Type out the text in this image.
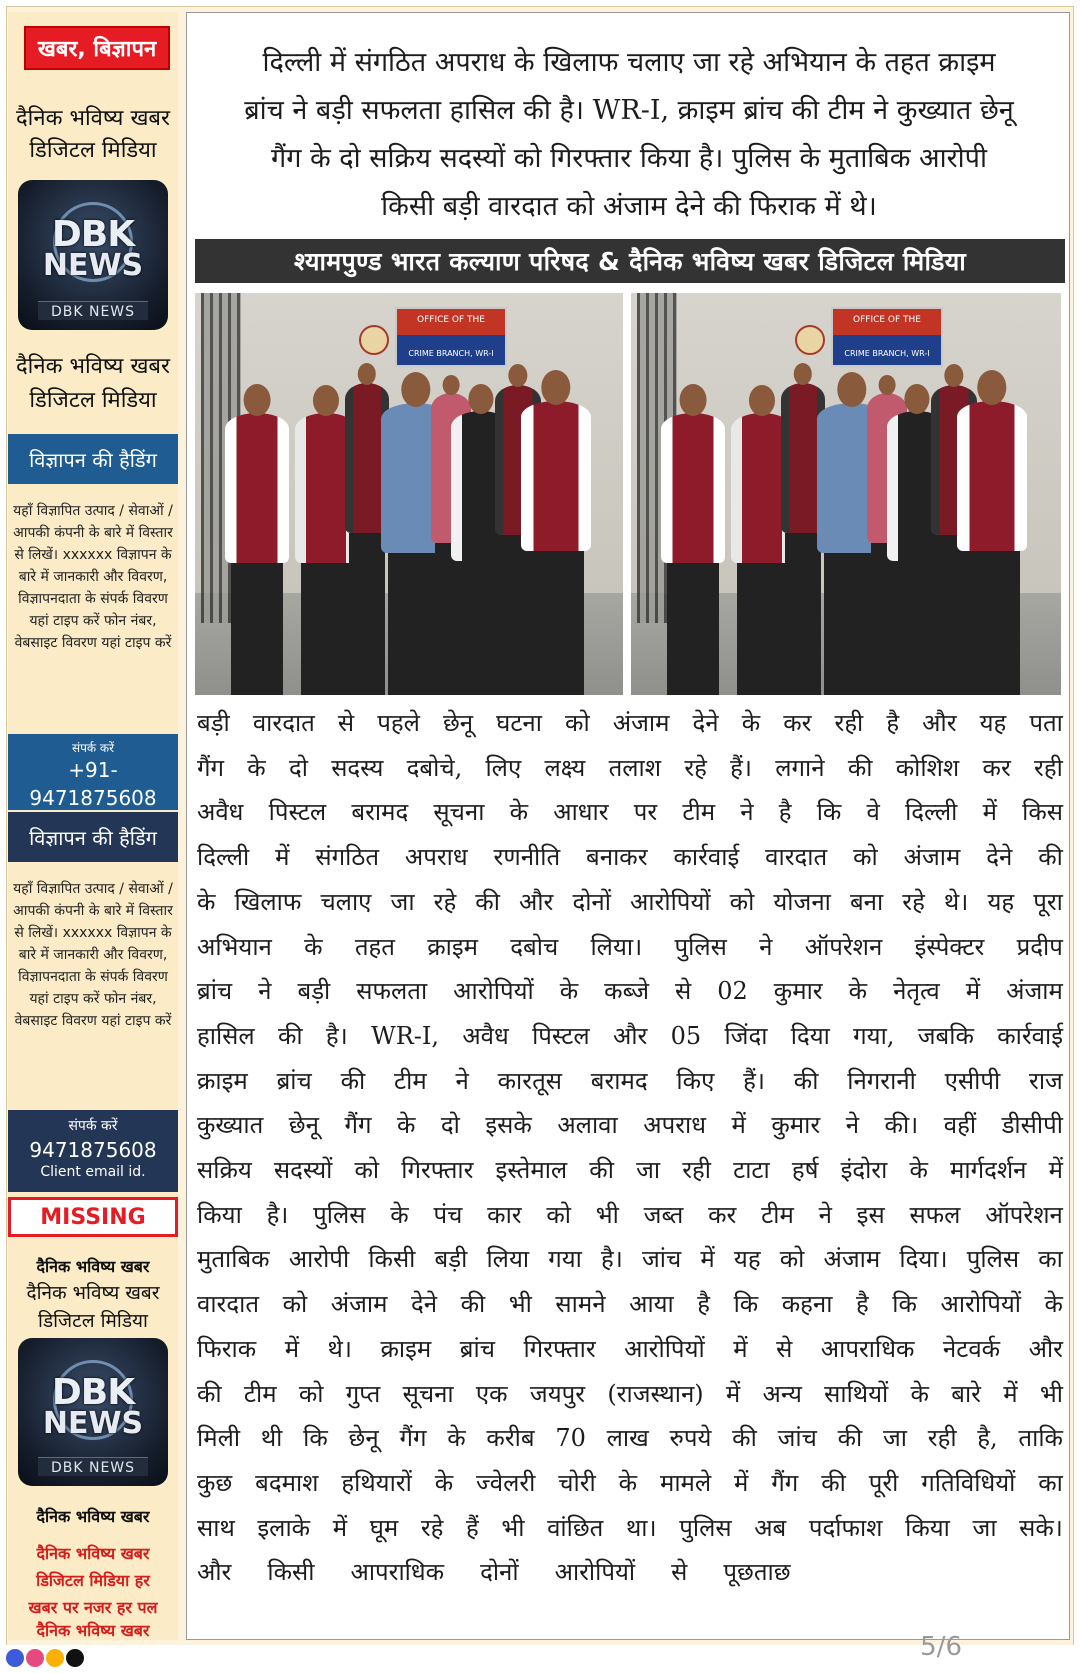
खबर, बिज्ञापन
दैनिक भविष्य खबर
डिजिटल मिडिया
DBK
NEWS
DBK NEWS
दैनिक भविष्य खबर
डिजिटल मिडिया
विज्ञापन की हैडिंग
यहाँ विज्ञापित उत्पाद / सेवाओं / आपकी कंपनी के बारे में विस्तार से लिखें। xxxxxx विज्ञापन के बारे में जानकारी और विवरण, विज्ञापनदाता के संपर्क विवरण यहां टाइप करें फोन नंबर, वेबसाइट विवरण यहां टाइप करें
संपर्क करें
+91-9471875608
विज्ञापन की हैडिंग
यहाँ विज्ञापित उत्पाद / सेवाओं / आपकी कंपनी के बारे में विस्तार से लिखें। xxxxxx विज्ञापन के बारे में जानकारी और विवरण, विज्ञापनदाता के संपर्क विवरण यहां टाइप करें फोन नंबर, वेबसाइट विवरण यहां टाइप करें
संपर्क करें
9471875608
Client email id.
MISSING
दैनिक भविष्य खबर
दैनिक भविष्य खबर
डिजिटल मिडिया
DBK
NEWS
DBK NEWS
दैनिक भविष्य खबर
दैनिक भविष्य खबर
डिजिटल मिडिया हर
खबर पर नजर हर पल
दैनिक भविष्य खबर
दिल्ली में संगठित अपराध के खिलाफ चलाए जा रहे अभियान के तहत क्राइम
ब्रांच ने बड़ी सफलता हासिल की है। WR-I, क्राइम ब्रांच की टीम ने कुख्यात छेनू
गैंग के दो सक्रिय सदस्यों को गिरफ्तार किया है। पुलिस के मुताबिक आरोपी
किसी बड़ी वारदात को अंजाम देने की फिराक में थे।
श्यामपुण्ड भारत कल्याण परिषद & दैनिक भविष्य खबर डिजिटल मिडिया
OFFICE OF THE
CRIME BRANCH, WR-I
OFFICE OF THE
CRIME BRANCH, WR-I
बड़ी वारदात से पहले छेनू घटना को अंजाम देने के कर रही है और यह पता
गैंग के दो सदस्य दबोचे, लिए लक्ष्य तलाश रहे हैं। लगाने की कोशिश कर रही
अवैध पिस्टल बरामद सूचना के आधार पर टीम ने है कि वे दिल्ली में किस
दिल्ली में संगठित अपराध रणनीति बनाकर कार्रवाई वारदात को अंजाम देने की
के खिलाफ चलाए जा रहे की और दोनों आरोपियों को योजना बना रहे थे। यह पूरा
अभियान के तहत क्राइम दबोच लिया। पुलिस ने ऑपरेशन इंस्पेक्टर प्रदीप
ब्रांच ने बड़ी सफलता आरोपियों के कब्जे से 02 कुमार के नेतृत्व में अंजाम
हासिल की है। WR-I, अवैध पिस्टल और 05 जिंदा दिया गया, जबकि कार्रवाई
क्राइम ब्रांच की टीम ने कारतूस बरामद किए हैं। की निगरानी एसीपी राज
कुख्यात छेनू गैंग के दो इसके अलावा अपराध में कुमार ने की। वहीं डीसीपी
सक्रिय सदस्यों को गिरफ्तार इस्तेमाल की जा रही टाटा हर्ष इंदोरा के मार्गदर्शन में
किया है। पुलिस के पंच कार को भी जब्त कर टीम ने इस सफल ऑपरेशन
मुताबिक आरोपी किसी बड़ी लिया गया है। जांच में यह को अंजाम दिया। पुलिस का
वारदात को अंजाम देने की भी सामने आया है कि कहना है कि आरोपियों के
फिराक में थे। क्राइम ब्रांच गिरफ्तार आरोपियों में से आपराधिक नेटवर्क और
की टीम को गुप्त सूचना एक जयपुर (राजस्थान) में अन्य साथियों के बारे में भी
मिली थी कि छेनू गैंग के करीब 70 लाख रुपये की जांच की जा रही है, ताकि
कुछ बदमाश हथियारों के ज्वेलरी चोरी के मामले में गैंग की पूरी गतिविधियों का
साथ इलाके में घूम रहे हैं भी वांछित था। पुलिस अब पर्दाफाश किया जा सके।
और किसी आपराधिक दोनों आरोपियों से पूछताछ
5/6
